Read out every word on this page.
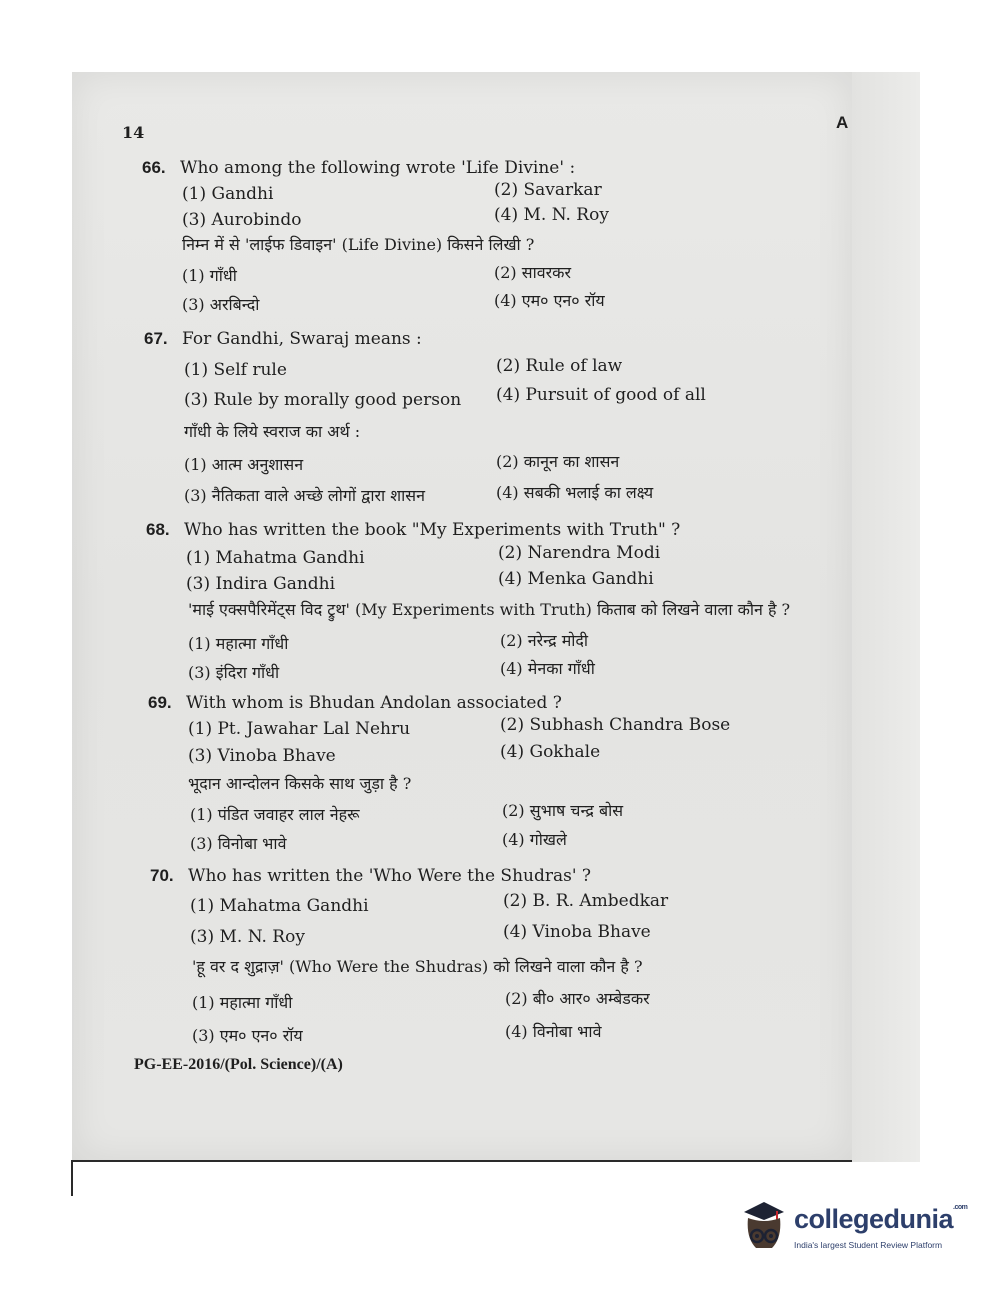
14
A
66. Who among the following wrote 'Life Divine' :
(1) Gandhi	(2) Savarkar
(3) Aurobindo	(4) M. N. Roy
निम्न में से 'लाईफ डिवाइन' (Life Divine) किसने लिखी ?
(1) गाँधी	(2) सावरकर
(3) अरबिन्दो	(4) एम० एन० रॉय
67. For Gandhi, Swaraj means :
(1) Self rule	(2) Rule of law
(3) Rule by morally good person (4) Pursuit of good of all
गाँधी के लिये स्वराज का अर्थ :
(1) आत्म अनुशासन	(2) कानून का शासन
(3) नैतिकता वाले अच्छे लोगों द्वारा शासन	(4) सबकी भलाई का लक्ष्य
68. Who has written the book "My Experiments with Truth" ?
(1) Mahatma Gandhi	(2) Narendra Modi
(3) Indira Gandhi	(4) Menka Gandhi
'माई एक्सपैरिमेंट्स विद ट्रुथ' (My Experiments with Truth) किताब को लिखने वाला कौन है ?
(1) महात्मा गाँधी	(2) नरेन्द्र मोदी
(3) इंदिरा गाँधी	(4) मेनका गाँधी
69. With whom is Bhudan Andolan associated ?
(1) Pt. Jawahar Lal Nehru	(2) Subhash Chandra Bose
(3) Vinoba Bhave	(4) Gokhale
भूदान आन्दोलन किसके साथ जुड़ा है ?
(1) पंडित जवाहर लाल नेहरू	(2) सुभाष चन्द्र बोस
(3) विनोबा भावे	(4) गोखले
70. Who has written the 'Who Were the Shudras' ?
(1) Mahatma Gandhi	(2) B. R. Ambedkar
(3) M. N. Roy	(4) Vinoba Bhave
'हू वर द शुद्राज़' (Who Were the Shudras) को लिखने वाला कौन है ?
(1) महात्मा गाँधी	(2) बी० आर० अम्बेडकर
(3) एम० एन० रॉय	(4) विनोबा भावे
PG-EE-2016/(Pol. Science)/(A)
collegedunia$^{.com}$
India's largest Student Review Platform
